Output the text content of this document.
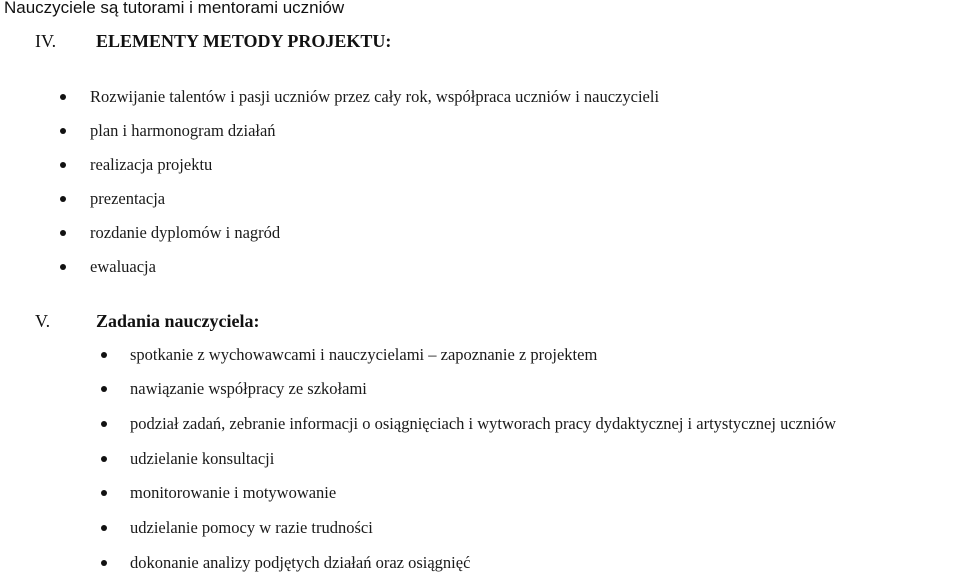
Nauczyciele są tutorami i mentorami uczniów
IV. ELEMENTY METODY PROJEKTU:
Rozwijanie talentów i pasji uczniów przez cały rok, współpraca uczniów i nauczycieli
plan i harmonogram działań
realizacja projektu
prezentacja
rozdanie dyplomów i nagród
ewaluacja
V.	Zadania nauczyciela:
spotkanie z wychowawcami i nauczycielami – zapoznanie z projektem
nawiązanie współpracy ze szkołami
podział zadań, zebranie informacji o osiągnięciach i wytworach pracy dydaktycznej i artystycznej uczniów
udzielanie konsultacji
monitorowanie i motywowanie
udzielanie pomocy w razie trudności
dokonanie analizy podjętych działań oraz osiągnięć
